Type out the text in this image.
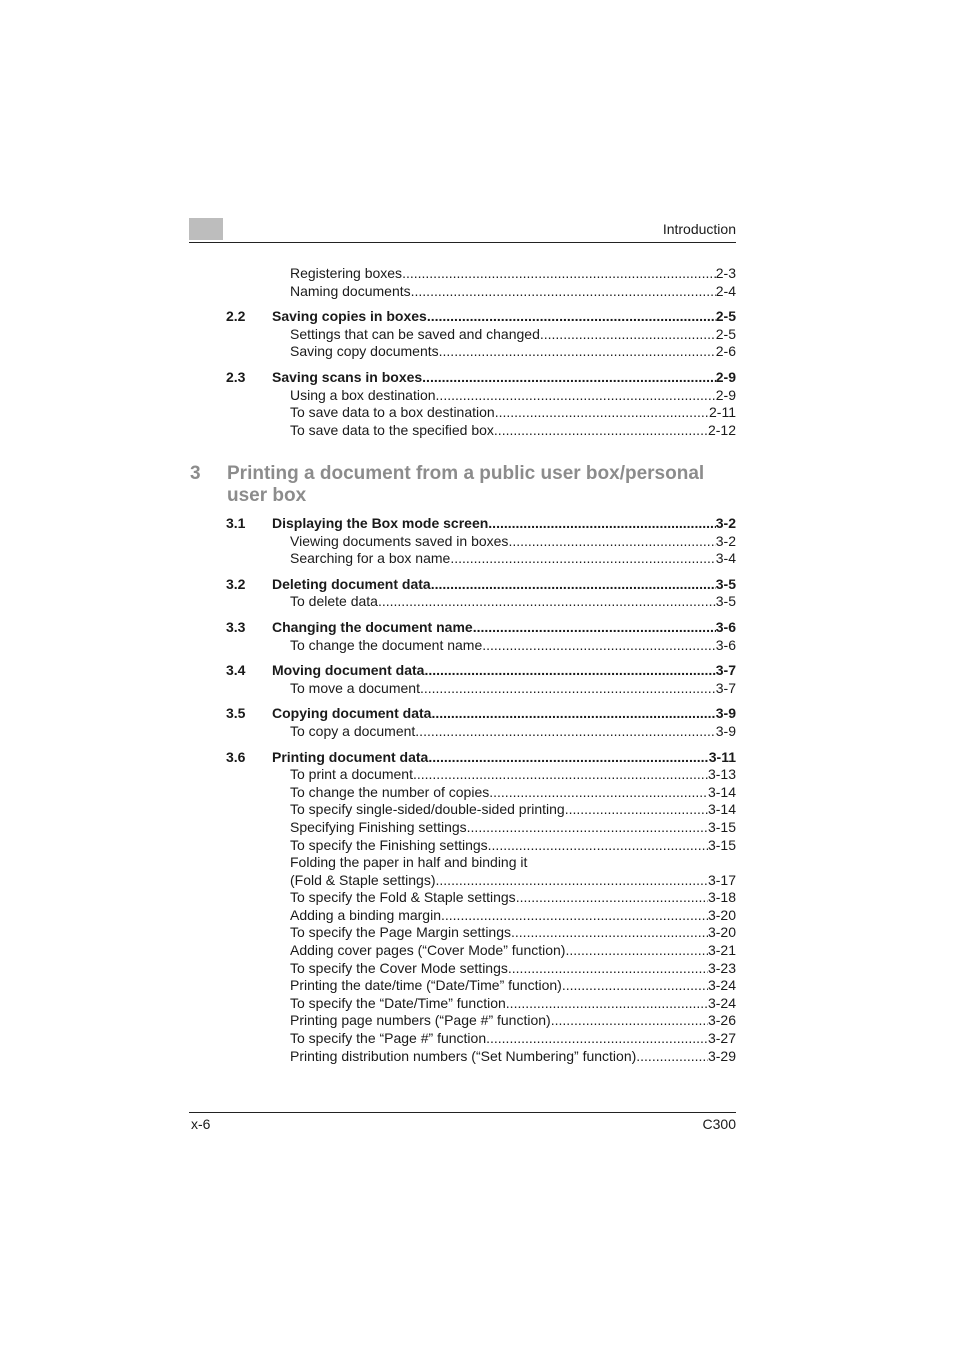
Introduction
Registering boxes .....	2-3
Naming documents .....	2-4
2.2	Saving copies in boxes .....	2-5
Settings that can be saved and changed .....	2-5
Saving copy documents .....	2-6
2.3	Saving scans in boxes .....	2-9
Using a box destination .....	2-9
To save data to a box destination .....	2-11
To save data to the specified box .....	2-12
3	Printing a document from a public user box/personal user box
3.1	Displaying the Box mode screen .....	3-2
Viewing documents saved in boxes .....	3-2
Searching for a box name .....	3-4
3.2	Deleting document data .....	3-5
To delete data .....	3-5
3.3	Changing the document name .....	3-6
To change the document name .....	3-6
3.4	Moving document data .....	3-7
To move a document .....	3-7
3.5	Copying document data .....	3-9
To copy a document .....	3-9
3.6	Printing document data .....	3-11
To print a document .....	3-13
To change the number of copies .....	3-14
To specify single-sided/double-sided printing .....	3-14
Specifying Finishing settings .....	3-15
To specify the Finishing settings .....	3-15
Folding the paper in half and binding it
(Fold & Staple settings) .....	3-17
To specify the Fold & Staple settings .....	3-18
Adding a binding margin .....	3-20
To specify the Page Margin settings .....	3-20
Adding cover pages (“Cover Mode” function) .....	3-21
To specify the Cover Mode settings .....	3-23
Printing the date/time (“Date/Time” function) .....	3-24
To specify the “Date/Time” function .....	3-24
Printing page numbers (“Page #” function) .....	3-26
To specify the “Page #” function .....	3-27
Printing distribution numbers (“Set Numbering” function) .....	3-29
x-6	C300
